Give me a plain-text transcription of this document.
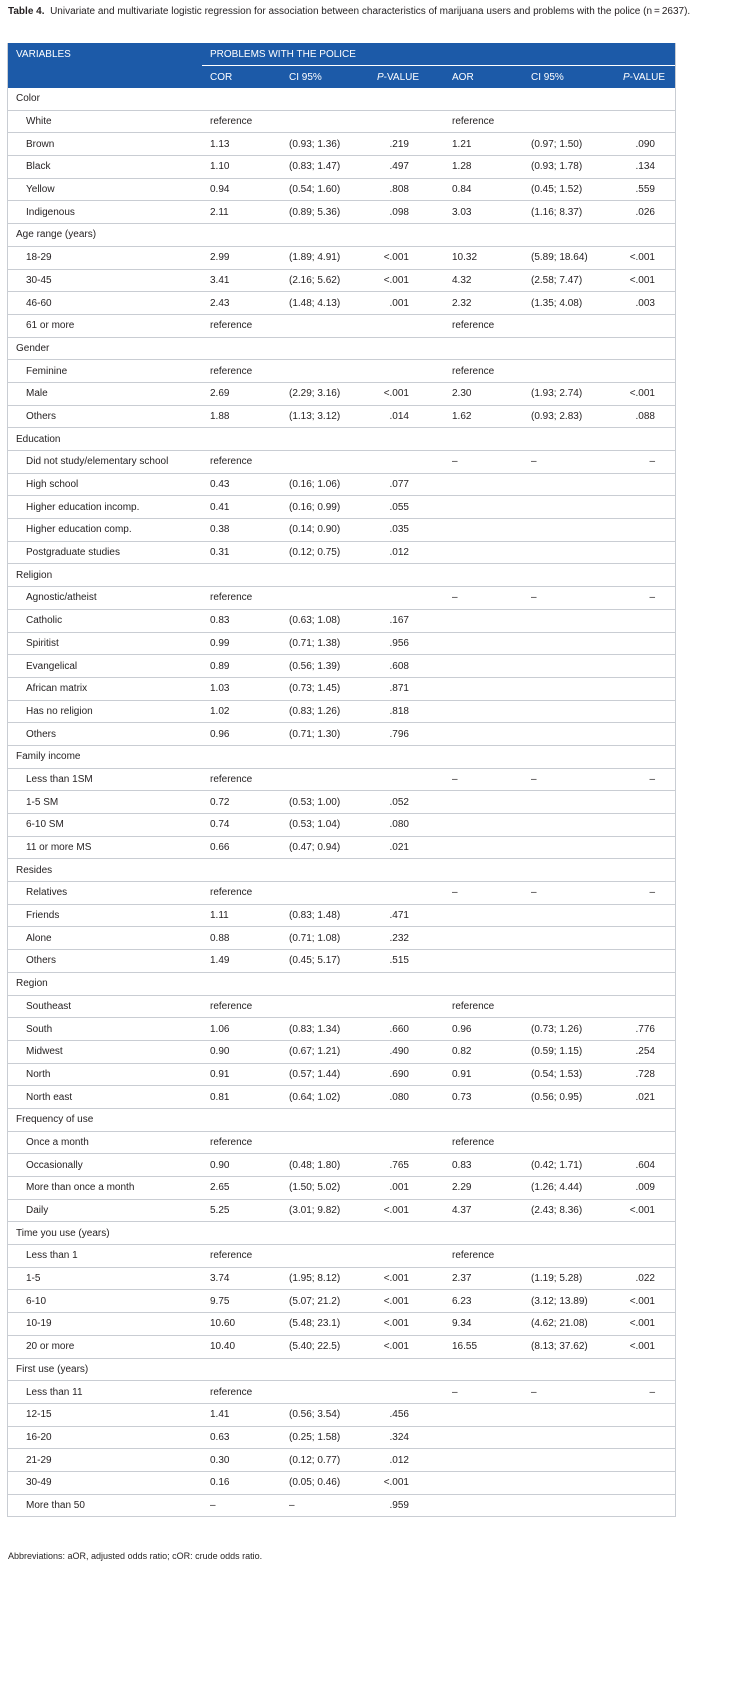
Table 4. Univariate and multivariate logistic regression for association between characteristics of marijuana users and problems with the police (n = 2637).
VARIABLES	PROBLEMS WITH THE POLICE					
	COR	CI 95%	P-VALUE	AOR	CI 95%	P-VALUE
Color						
White	reference			reference		
Brown	1.13	(0.93; 1.36)	.219	1.21	(0.97; 1.50)	.090
Black	1.10	(0.83; 1.47)	.497	1.28	(0.93; 1.78)	.134
Yellow	0.94	(0.54; 1.60)	.808	0.84	(0.45; 1.52)	.559
Indigenous	2.11	(0.89; 5.36)	.098	3.03	(1.16; 8.37)	.026
Age range (years)						
18-29	2.99	(1.89; 4.91)	<.001	10.32	(5.89; 18.64)	<.001
30-45	3.41	(2.16; 5.62)	<.001	4.32	(2.58; 7.47)	<.001
46-60	2.43	(1.48; 4.13)	.001	2.32	(1.35; 4.08)	.003
61 or more	reference			reference		
Gender						
Feminine	reference			reference		
Male	2.69	(2.29; 3.16)	<.001	2.30	(1.93; 2.74)	<.001
Others	1.88	(1.13; 3.12)	.014	1.62	(0.93; 2.83)	.088
Education						
Did not study/elementary school	reference			–	–	–
High school	0.43	(0.16; 1.06)	.077			
Higher education incomp.	0.41	(0.16; 0.99)	.055			
Higher education comp.	0.38	(0.14; 0.90)	.035			
Postgraduate studies	0.31	(0.12; 0.75)	.012			
Religion						
Agnostic/atheist	reference			–	–	–
Catholic	0.83	(0.63; 1.08)	.167			
Spiritist	0.99	(0.71; 1.38)	.956			
Evangelical	0.89	(0.56; 1.39)	.608			
African matrix	1.03	(0.73; 1.45)	.871			
Has no religion	1.02	(0.83; 1.26)	.818			
Others	0.96	(0.71; 1.30)	.796			
Family income						
Less than 1SM	reference			–	–	–
1-5 SM	0.72	(0.53; 1.00)	.052			
6-10 SM	0.74	(0.53; 1.04)	.080			
11 or more MS	0.66	(0.47; 0.94)	.021			
Resides						
Relatives	reference			–	–	–
Friends	1.11	(0.83; 1.48)	.471			
Alone	0.88	(0.71; 1.08)	.232			
Others	1.49	(0.45; 5.17)	.515			
Region						
Southeast	reference			reference		
South	1.06	(0.83; 1.34)	.660	0.96	(0.73; 1.26)	.776
Midwest	0.90	(0.67; 1.21)	.490	0.82	(0.59; 1.15)	.254
North	0.91	(0.57; 1.44)	.690	0.91	(0.54; 1.53)	.728
North east	0.81	(0.64; 1.02)	.080	0.73	(0.56; 0.95)	.021
Frequency of use						
Once a month	reference			reference		
Occasionally	0.90	(0.48; 1.80)	.765	0.83	(0.42; 1.71)	.604
More than once a month	2.65	(1.50; 5.02)	.001	2.29	(1.26; 4.44)	.009
Daily	5.25	(3.01; 9.82)	<.001	4.37	(2.43; 8.36)	<.001
Time you use (years)						
Less than 1	reference			reference		
1-5	3.74	(1.95; 8.12)	<.001	2.37	(1.19; 5.28)	.022
6-10	9.75	(5.07; 21.2)	<.001	6.23	(3.12; 13.89)	<.001
10-19	10.60	(5.48; 23.1)	<.001	9.34	(4.62; 21.08)	<.001
20 or more	10.40	(5.40; 22.5)	<.001	16.55	(8.13; 37.62)	<.001
First use (years)						
Less than 11	reference			–	–	–
12-15	1.41	(0.56; 3.54)	.456			
16-20	0.63	(0.25; 1.58)	.324			
21-29	0.30	(0.12; 0.77)	.012			
30-49	0.16	(0.05; 0.46)	<.001			
More than 50	–	–	.959			
Abbreviations: aOR, adjusted odds ratio; cOR: crude odds ratio.
